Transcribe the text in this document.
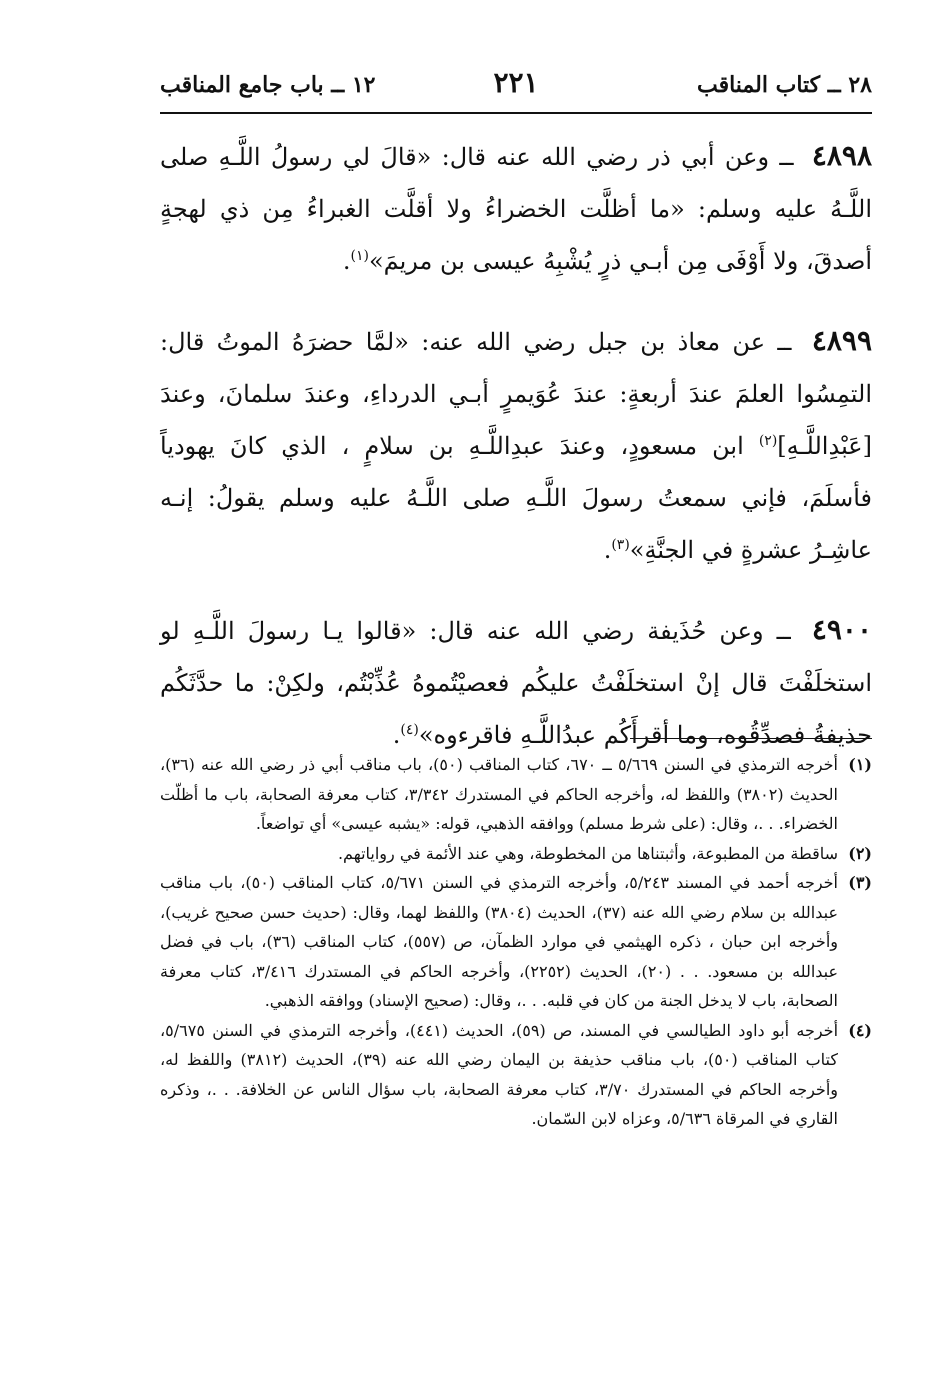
٢٨ ــ كتاب المناقب
٢٢١
١٢ ــ باب جامع المناقب

٤٨٩٨ ــ وعن أبي ذر رضي الله عنه قال: «قالَ لي رسولُ اللَّـهِ صلى اللَّـهُ عليه وسلم: «ما أظلَّت الخضراءُ ولا أقلَّت الغبراءُ مِن ذي لهجةٍ أصدقَ، ولا أَوْفَى مِن أبـي ذرٍ يُشْبِهُ عيسى بن مريمَ»$^{(١)}$.

٤٨٩٩ ــ عن معاذ بن جبل رضي الله عنه: «لمَّا حضرَهُ الموتُ قال: التمِسُوا العلمَ عندَ أربعةٍ: عندَ عُوَيمرٍ أبـي الدرداءِ، وعندَ سلمانَ، وعندَ [عَبْدِاللَّـهِ]$^{(٢)}$ ابن مسعودٍ، وعندَ عبدِاللَّـهِ بن سلامٍ ، الذي كانَ يهودياً فأسلَمَ، فإني سمعتُ رسولَ اللَّـهِ صلى اللَّـهُ عليه وسلم يقولُ: إنـه عاشِـرُ عشرةٍ في الجنَّةِ»$^{(٣)}$.

٤٩٠٠ ــ وعن حُذَيفة رضي الله عنه قال: «قالوا يـا رسولَ اللَّـهِ لو استخلَفْتَ قال إنْ استخلَفْتُ عليكُم فعصيْتُموهُ عُذِّبْتُم، ولكِنْ: ما حدَّثَكُم حذيفةُ فصدِّقُوه، وما أقرأَكُم عبدُاللَّـهِ فاقرءوه»$^{(٤)}$.

(١)
أخرجه الترمذي في السنن ٥/٦٦٩ ــ ٦٧٠، كتاب المناقب (٥٠)، باب مناقب أبي ذر رضي الله عنه (٣٦)، الحديث (٣٨٠٢) واللفظ له، وأخرجه الحاكم في المستدرك ٣/٣٤٢، كتاب معرفة الصحابة، باب ما أظلّت الخضراء. . .، وقال: (على شرط مسلم) ووافقه الذهبي، قوله: «يشبه عيسى» أي تواضعاً.
(٢)
ساقطة من المطبوعة، وأثبتناها من المخطوطة، وهي عند الأئمة في رواياتهم.
(٣)
أخرجه أحمد في المسند ٥/٢٤٣، وأخرجه الترمذي في السنن ٥/٦٧١، كتاب المناقب (٥٠)، باب مناقب عبدالله بن سلام رضي الله عنه (٣٧)، الحديث (٣٨٠٤) واللفظ لهما، وقال: (حديث حسن صحيح غريب)، وأخرجه ابن حبان ، ذكره الهيثمي في موارد الظمآن، ص (٥٥٧)، كتاب المناقب (٣٦)، باب في فضل عبدالله بن مسعود. . . (٢٠)، الحديث (٢٢٥٢)، وأخرجه الحاكم في المستدرك ٣/٤١٦، كتاب معرفة الصحابة، باب لا يدخل الجنة من كان في قلبه. . .، وقال: (صحيح الإسناد) ووافقه الذهبي.
(٤)
أخرجه أبو داود الطيالسي في المسند، ص (٥٩)، الحديث (٤٤١)، وأخرجه الترمذي في السنن ٥/٦٧٥، كتاب المناقب (٥٠)، باب مناقب حذيفة بن اليمان رضي الله عنه (٣٩)، الحديث (٣٨١٢) واللفظ له، وأخرجه الحاكم في المستدرك ٣/٧٠، كتاب معرفة الصحابة، باب سؤال الناس عن الخلافة. . .، وذكره القاري في المرقاة ٥/٦٣٦، وعزاه لابن السّمان.
